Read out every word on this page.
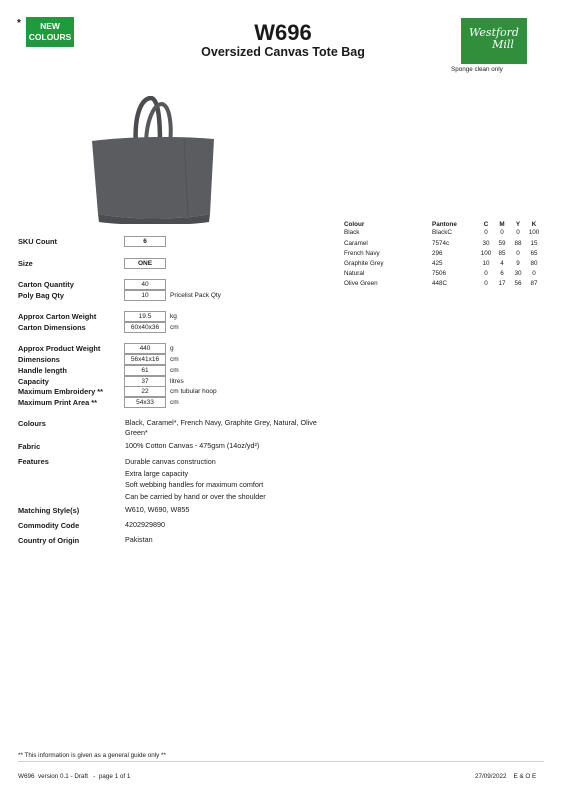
*	NEW
COLOURS	W696
Oversized Canvas Tote Bag
Westford
Mill
Sponge clean only
Colour	Pantone	C	M	Y	K
Black	BlackC	0	0	0	100
Caramel	7574c	30	59	88	15
French Navy	296	100	85	0	65
Graphite Grey	425	10	4	9	80
Natural	7506	0	6	30	0
Olive Green	448C	0	17	56	87
SKU Count	6
Size	ONE
Carton Quantity	40
Poly Bag Qty	10	Pricelist Pack Qty
Approx Carton Weight	19.5	kg
Carton Dimensions	60x40x36	cm
Approx Product Weight	440	g
Dimensions	56x41x16	cm
Handle length	61	cm
Capacity	37	litres
Maximum Embroidery **	22	cm tubular hoop
Maximum Print Area **	54x33	cm
Colours	Black, Caramel*, French Navy, Graphite Grey, Natural, Olive
Green*
Fabric	100% Cotton Canvas - 475gsm (14oz/yd²)
Features	Durable canvas construction
Extra large capacity
Soft webbing handles for maximum comfort
Can be carried by hand or over the shoulder
Matching Style(s)	W610, W690, W855
Commodity Code	4202929890
Country of Origin	Pakistan
** This information is given as a general guide only **
W696  version 0.1 - Draft   -  page 1 of 1	27/09/2022    E & O E
